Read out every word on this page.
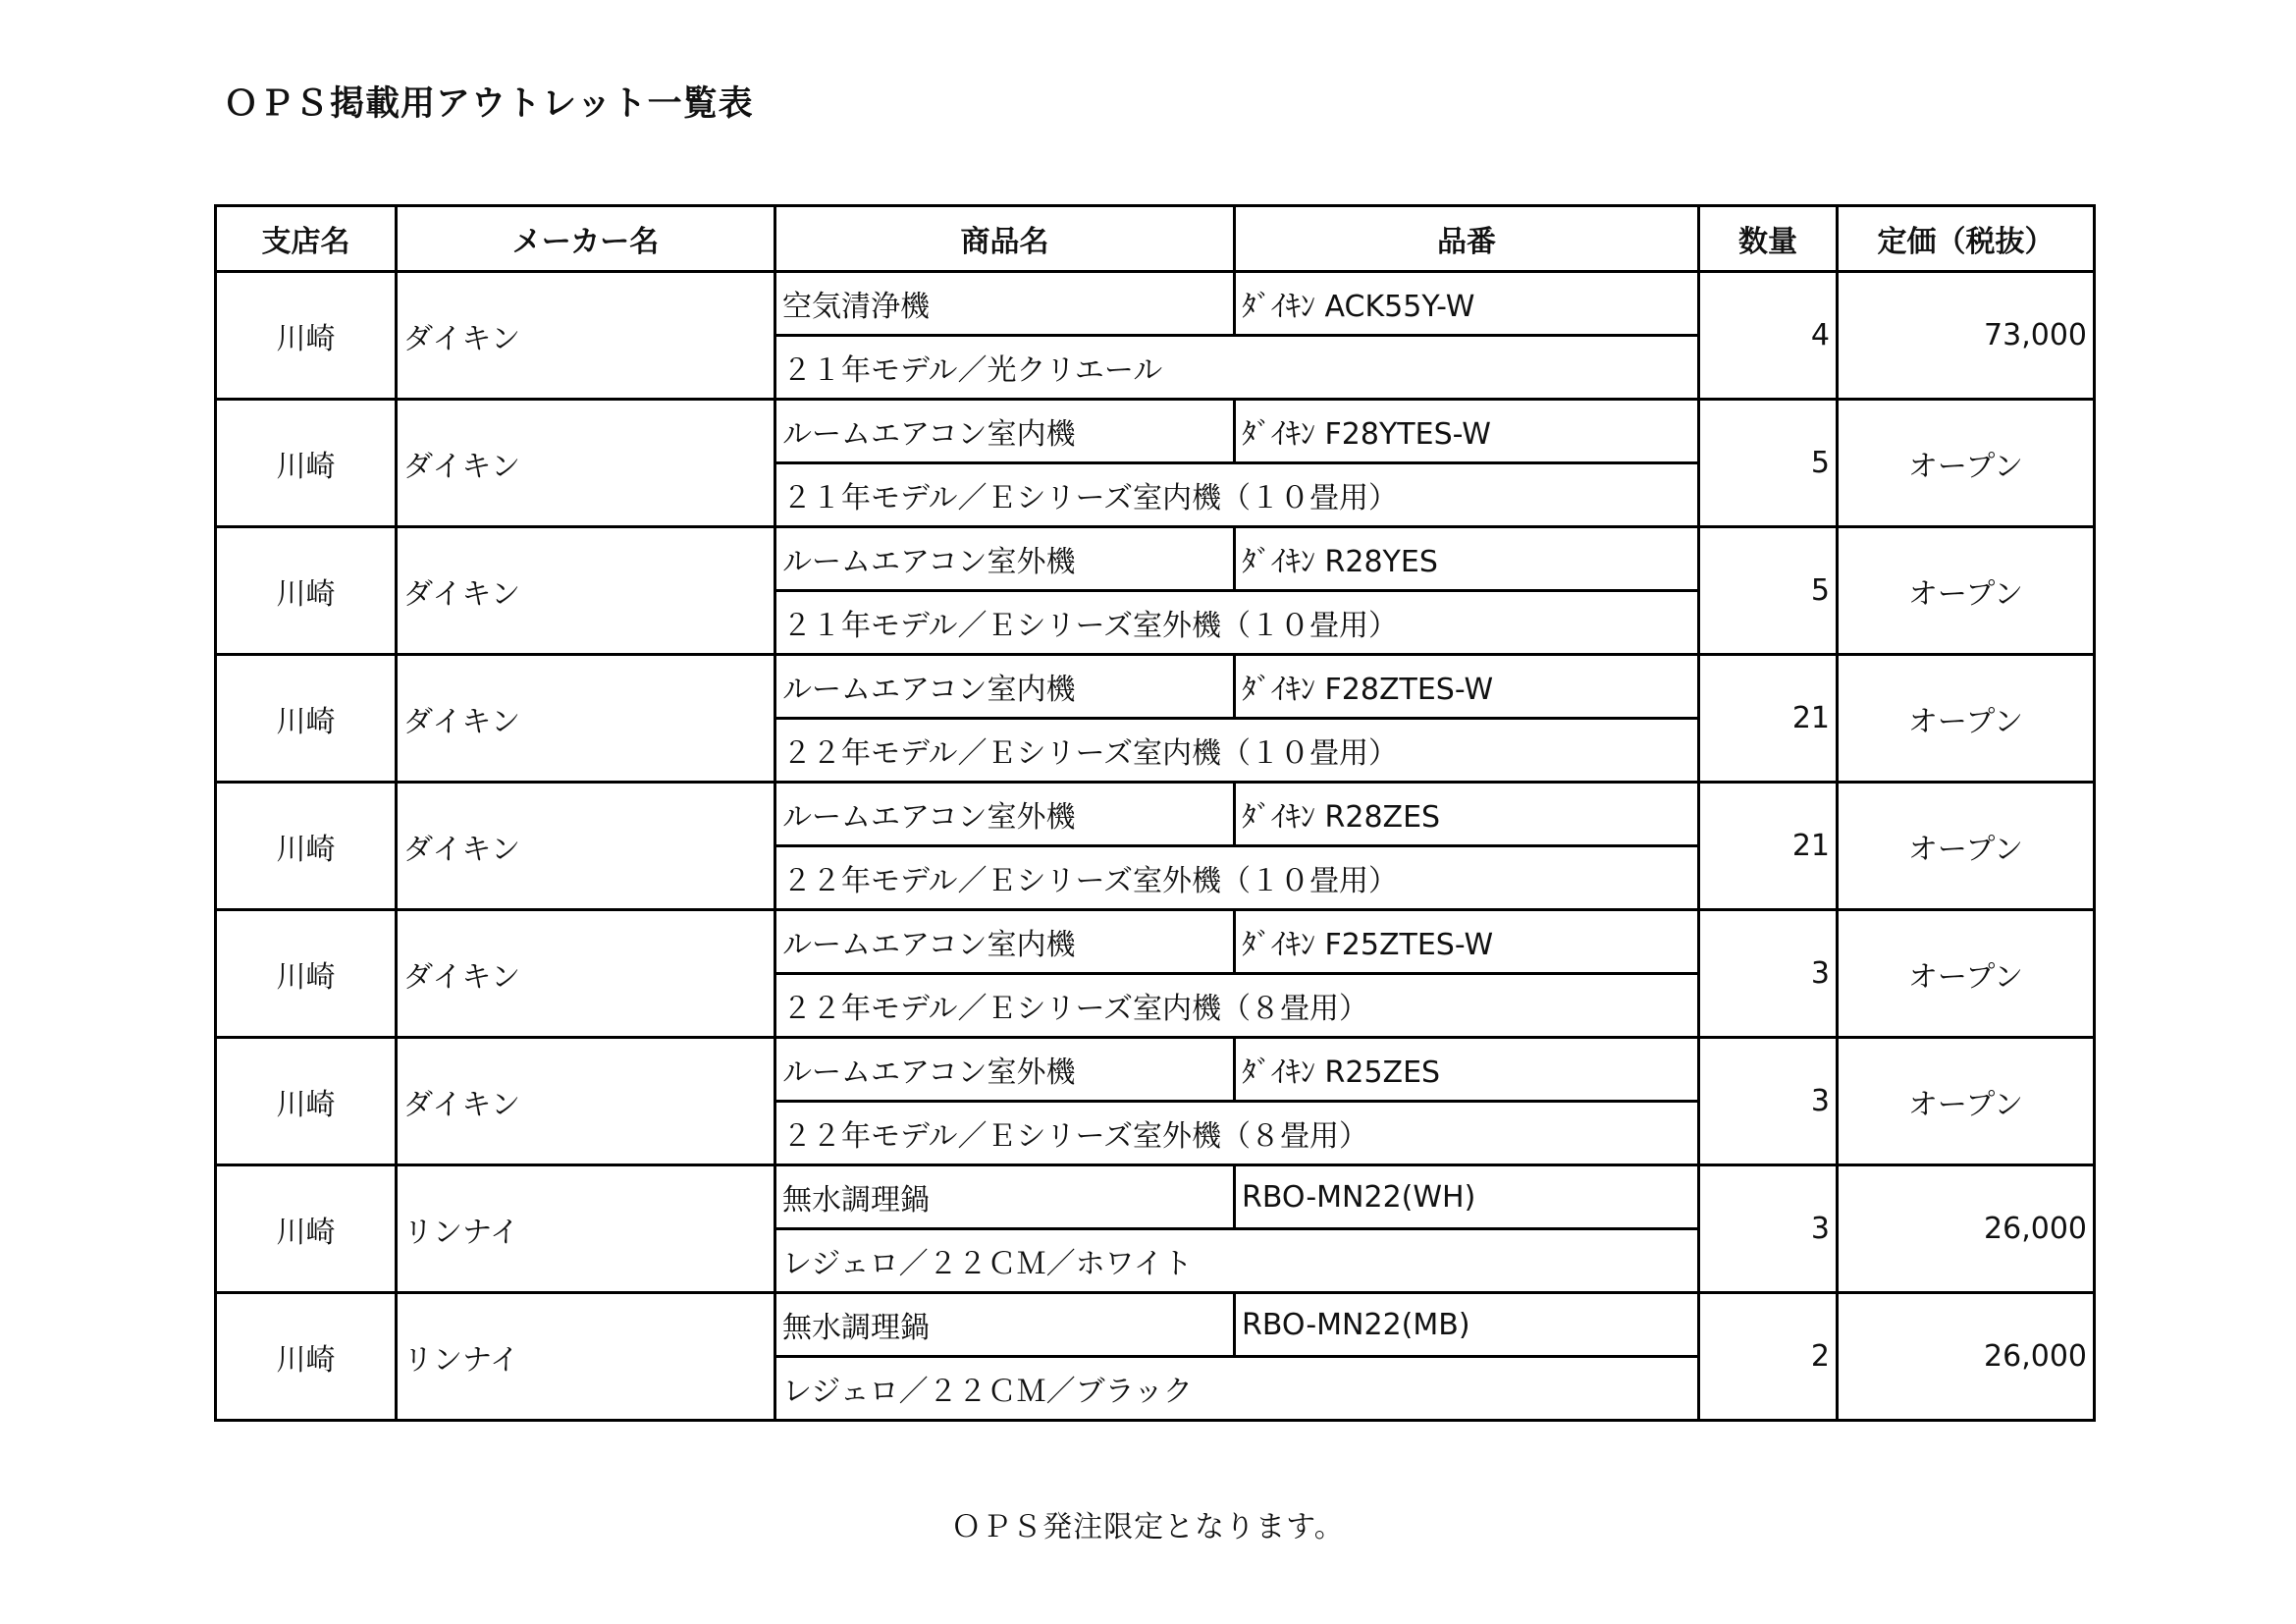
ＯＰＳ掲載用アウトレット一覧表
支店名	メーカー名	商品名	品番	数量	定価（税抜）
川崎	ダイキン	空気清浄機	ﾀﾞｲｷﾝ ACK55Y-W	4	73,000
		２１年モデル／光クリエール			
川崎	ダイキン	ルームエアコン室内機	ﾀﾞｲｷﾝ F28YTES-W	5	オープン
		２１年モデル／Ｅシリーズ室内機（１０畳用）			
川崎	ダイキン	ルームエアコン室外機	ﾀﾞｲｷﾝ R28YES	5	オープン
		２１年モデル／Ｅシリーズ室外機（１０畳用）			
川崎	ダイキン	ルームエアコン室内機	ﾀﾞｲｷﾝ F28ZTES-W	21	オープン
		２２年モデル／Ｅシリーズ室内機（１０畳用）			
川崎	ダイキン	ルームエアコン室外機	ﾀﾞｲｷﾝ R28ZES	21	オープン
		２２年モデル／Ｅシリーズ室外機（１０畳用）			
川崎	ダイキン	ルームエアコン室内機	ﾀﾞｲｷﾝ F25ZTES-W	3	オープン
		２２年モデル／Ｅシリーズ室内機（８畳用）			
川崎	ダイキン	ルームエアコン室外機	ﾀﾞｲｷﾝ R25ZES	3	オープン
		２２年モデル／Ｅシリーズ室外機（８畳用）			
川崎	リンナイ	無水調理鍋	RBO-MN22(WH)	3	26,000
		レジェロ／２２ＣＭ／ホワイト			
川崎	リンナイ	無水調理鍋	RBO-MN22(MB)	2	26,000
		レジェロ／２２ＣＭ／ブラック			
ＯＰＳ発注限定となります。
